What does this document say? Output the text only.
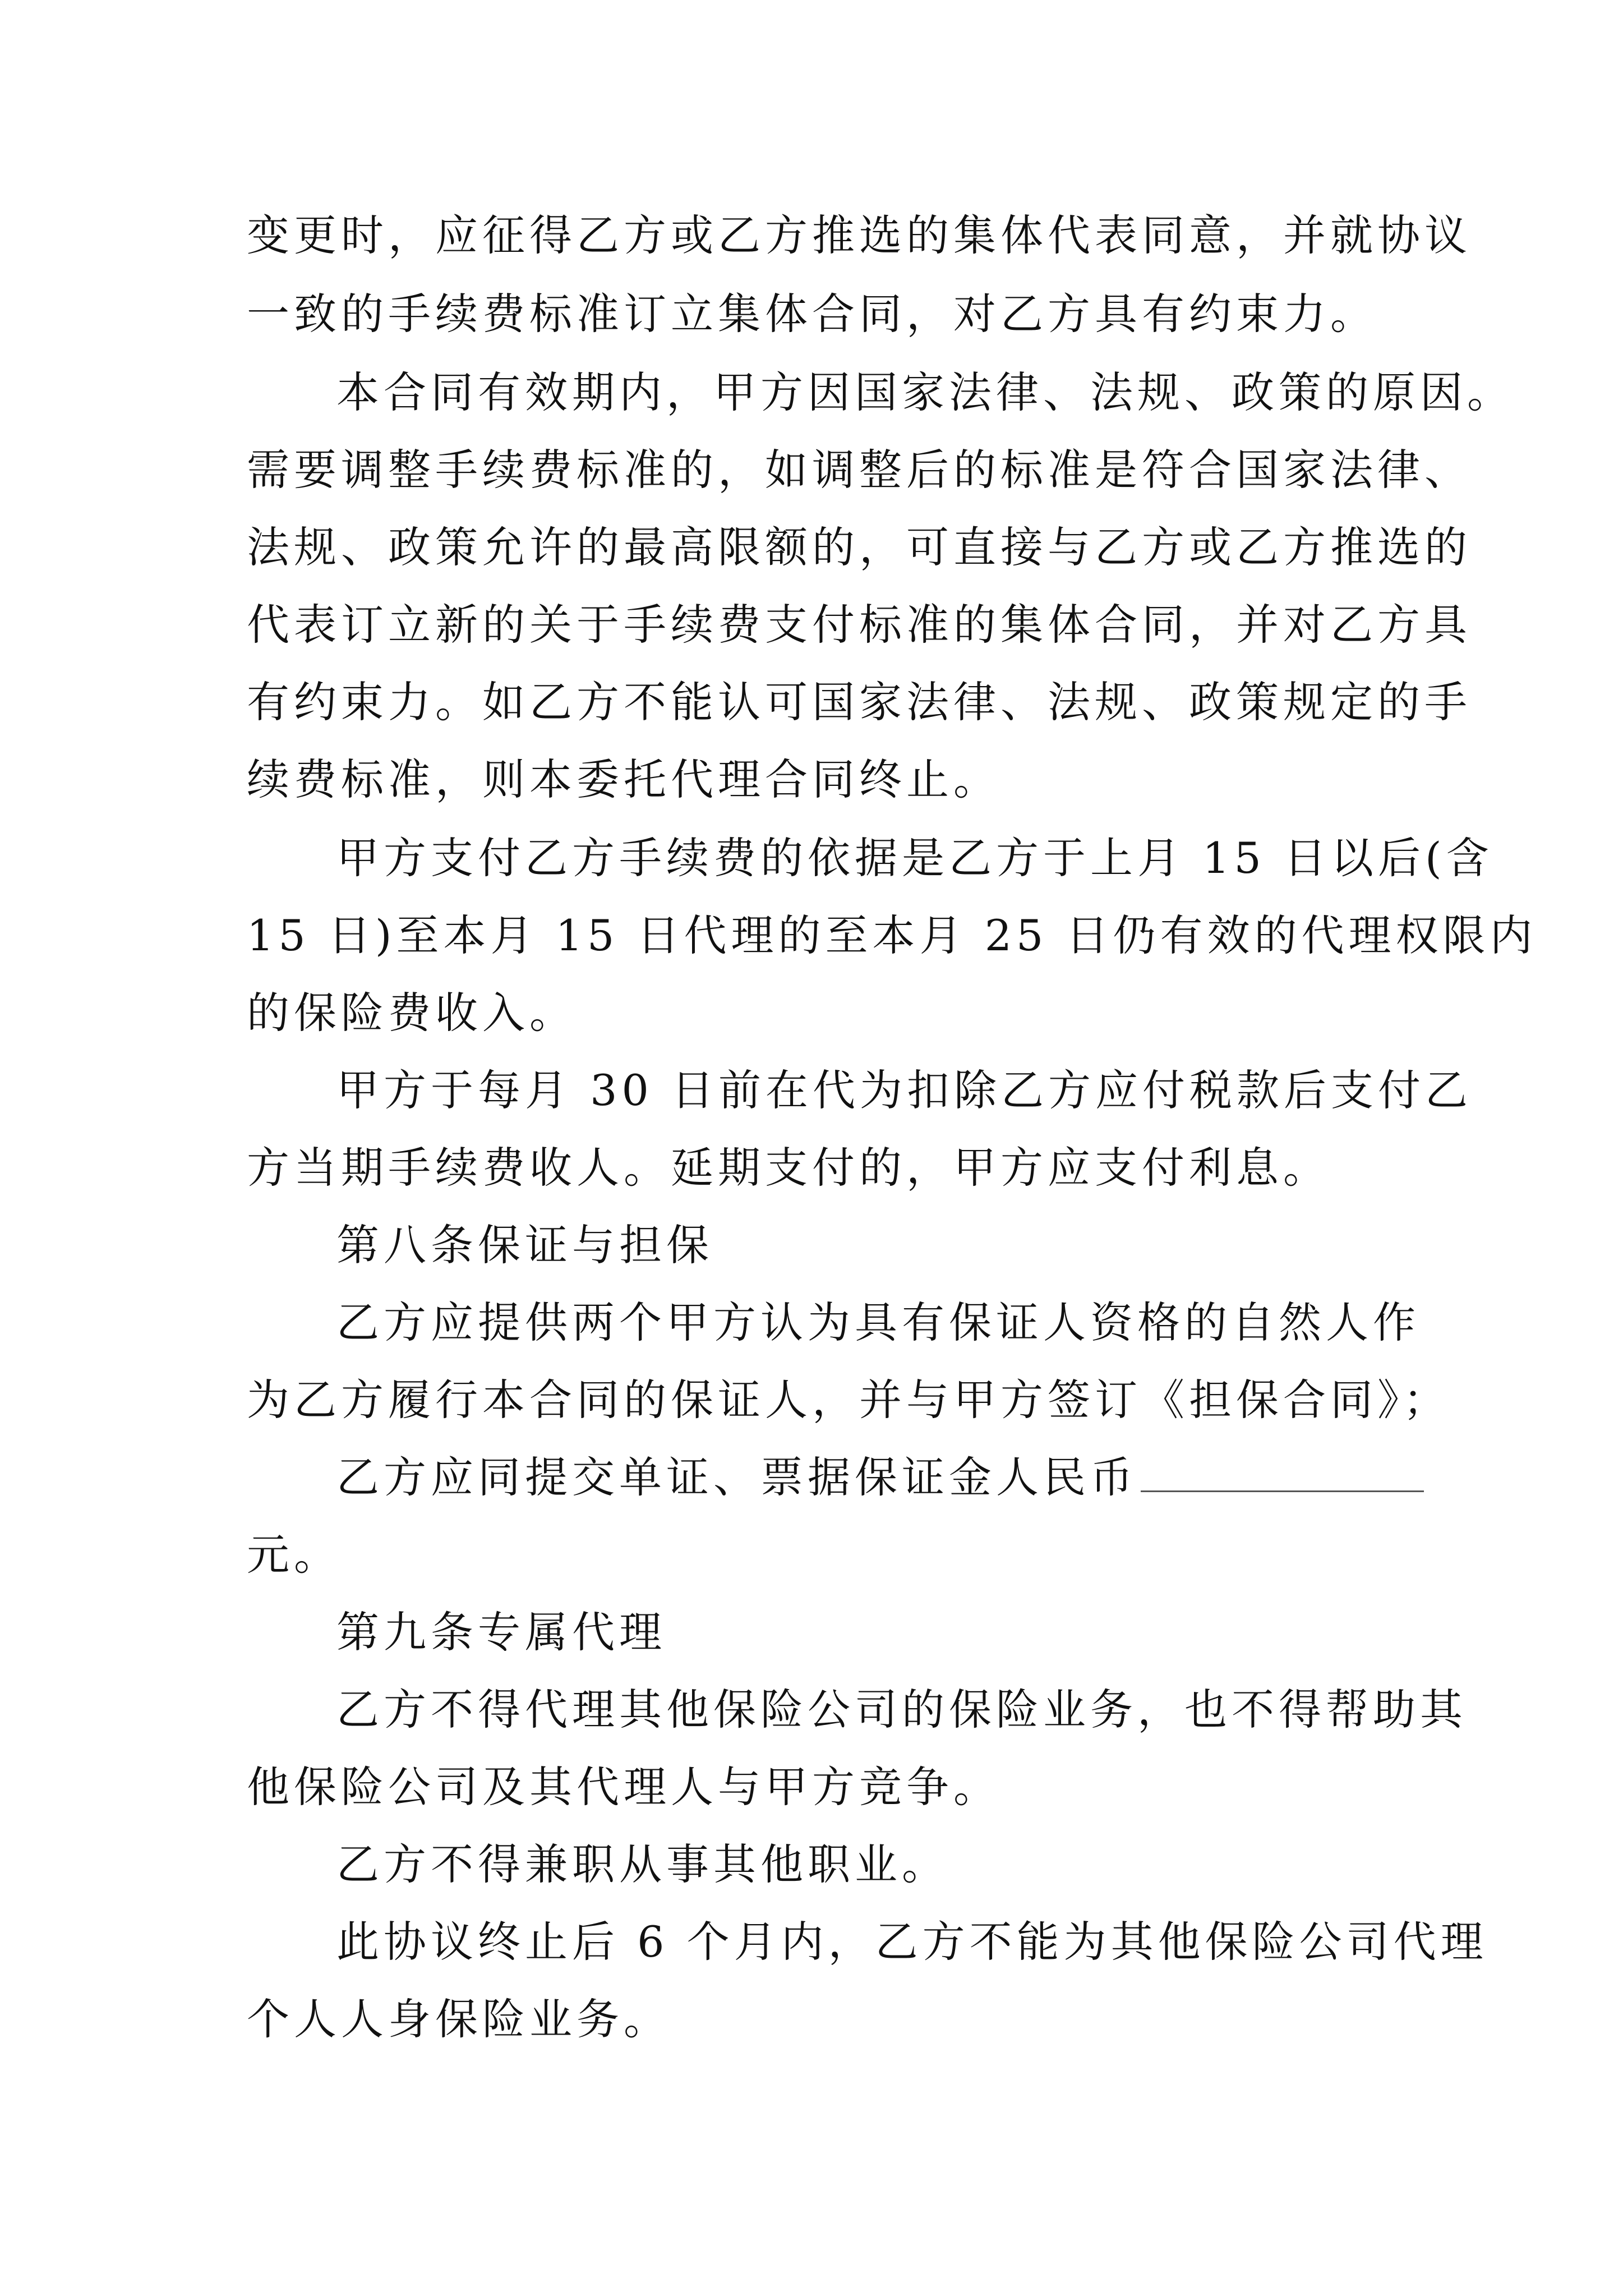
变更时，应征得乙方或乙方推选的集体代表同意，并就协议
一致的手续费标准订立集体合同，对乙方具有约束力。
本合同有效期内，甲方因国家法律、法规、政策的原因。
需要调整手续费标准的，如调整后的标准是符合国家法律、
法规、政策允许的最高限额的，可直接与乙方或乙方推选的
代表订立新的关于手续费支付标准的集体合同，并对乙方具
有约束力。如乙方不能认可国家法律、法规、政策规定的手
续费标准，则本委托代理合同终止。
甲方支付乙方手续费的依据是乙方于上月 15 日以后(含
15 日)至本月 15 日代理的至本月 25 日仍有效的代理权限内
的保险费收入。
甲方于每月 30 日前在代为扣除乙方应付税款后支付乙
方当期手续费收人。延期支付的，甲方应支付利息。
第八条保证与担保
乙方应提供两个甲方认为具有保证人资格的自然人作
为乙方履行本合同的保证人，并与甲方签订《担保合同》；
乙方应同提交单证、票据保证金人民币
元。
第九条专属代理
乙方不得代理其他保险公司的保险业务，也不得帮助其
他保险公司及其代理人与甲方竞争。
乙方不得兼职从事其他职业。
此协议终止后 6 个月内，乙方不能为其他保险公司代理
个人人身保险业务。
